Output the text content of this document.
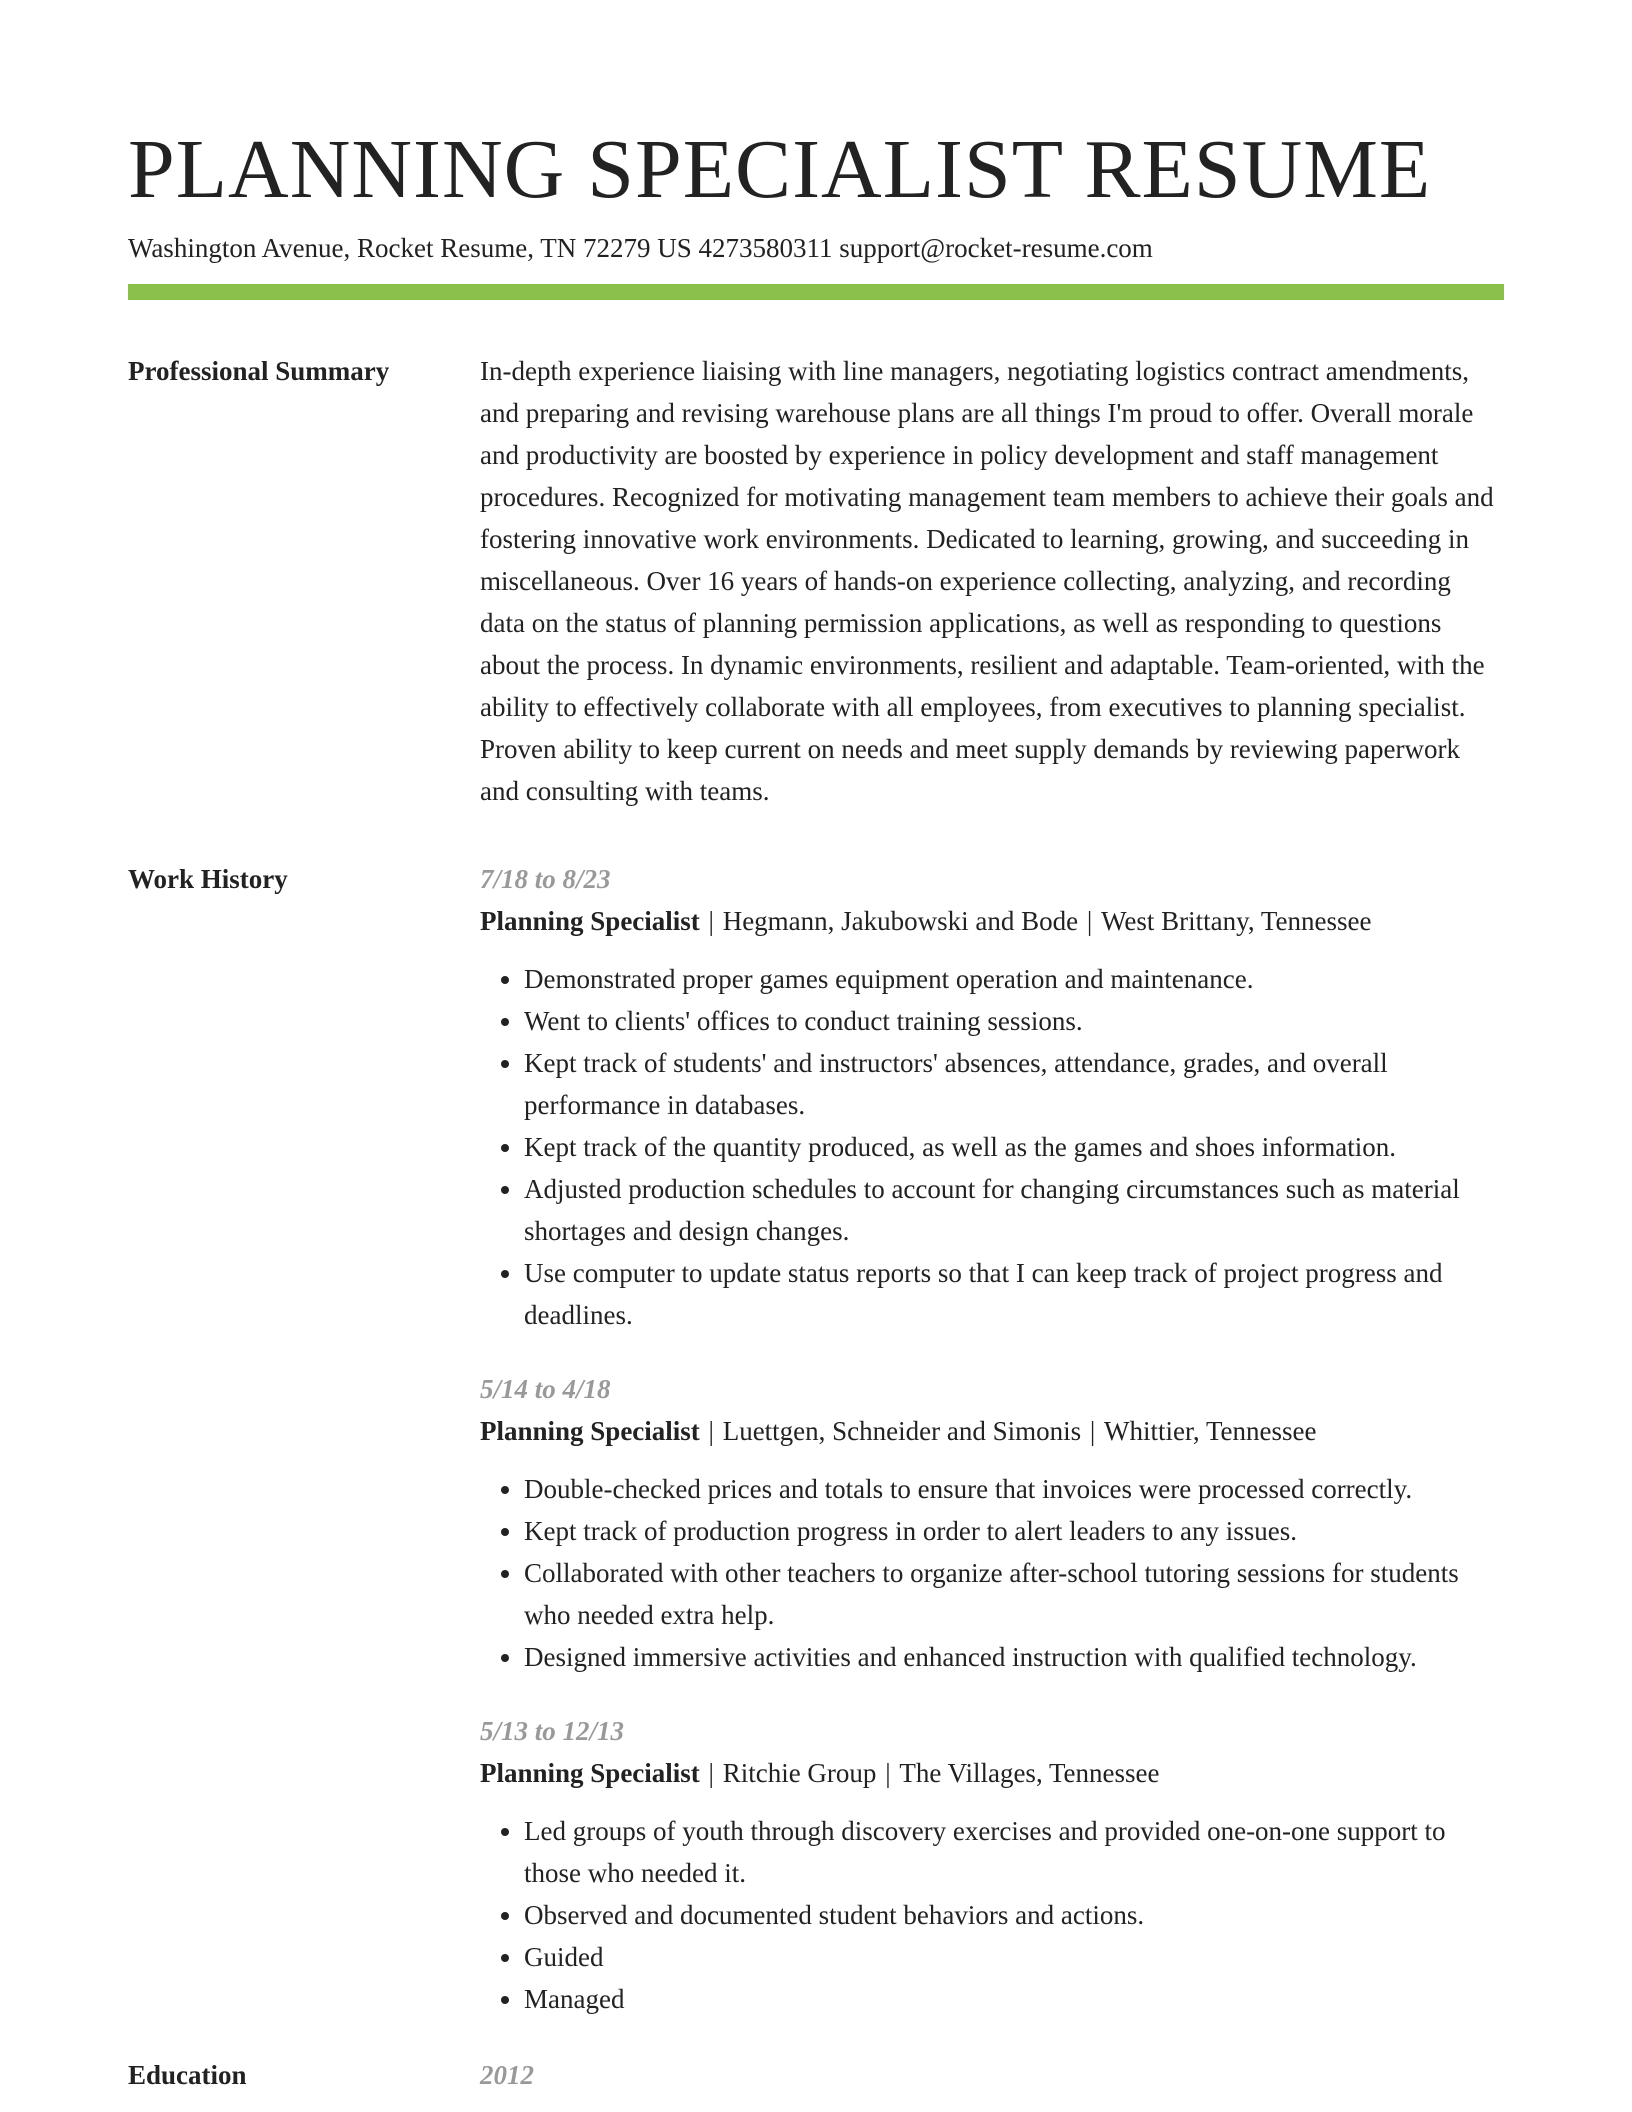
PLANNING SPECIALIST RESUME
Washington Avenue, Rocket Resume, TN 72279 US 4273580311 support@rocket-resume.com
Professional Summary	In-depth experience liaising with line managers, negotiating logistics contract amendments, and preparing and revising warehouse plans are all things I'm proud to offer. Overall morale and productivity are boosted by experience in policy development and staff management procedures. Recognized for motivating management team members to achieve their goals and fostering innovative work environments. Dedicated to learning, growing, and succeeding in miscellaneous. Over 16 years of hands-on experience collecting, analyzing, and recording data on the status of planning permission applications, as well as responding to questions about the process. In dynamic environments, resilient and adaptable. Team-oriented, with the ability to effectively collaborate with all employees, from executives to planning specialist. Proven ability to keep current on needs and meet supply demands by reviewing paperwork and consulting with teams.

Work History	7/18 to 8/23
Planning Specialist | Hegmann, Jakubowski and Bode | West Brittany, Tennessee
• Demonstrated proper games equipment operation and maintenance.
• Went to clients' offices to conduct training sessions.
• Kept track of students' and instructors' absences, attendance, grades, and overall performance in databases.
• Kept track of the quantity produced, as well as the games and shoes information.
• Adjusted production schedules to account for changing circumstances such as material shortages and design changes.
• Use computer to update status reports so that I can keep track of project progress and deadlines.
5/14 to 4/18
Planning Specialist | Luettgen, Schneider and Simonis | Whittier, Tennessee
• Double-checked prices and totals to ensure that invoices were processed correctly.
• Kept track of production progress in order to alert leaders to any issues.
• Collaborated with other teachers to organize after-school tutoring sessions for students who needed extra help.
• Designed immersive activities and enhanced instruction with qualified technology.
5/13 to 12/13
Planning Specialist | Ritchie Group | The Villages, Tennessee
• Led groups of youth through discovery exercises and provided one-on-one support to those who needed it.
• Observed and documented student behaviors and actions.
• Guided
• Managed
Education	2012
